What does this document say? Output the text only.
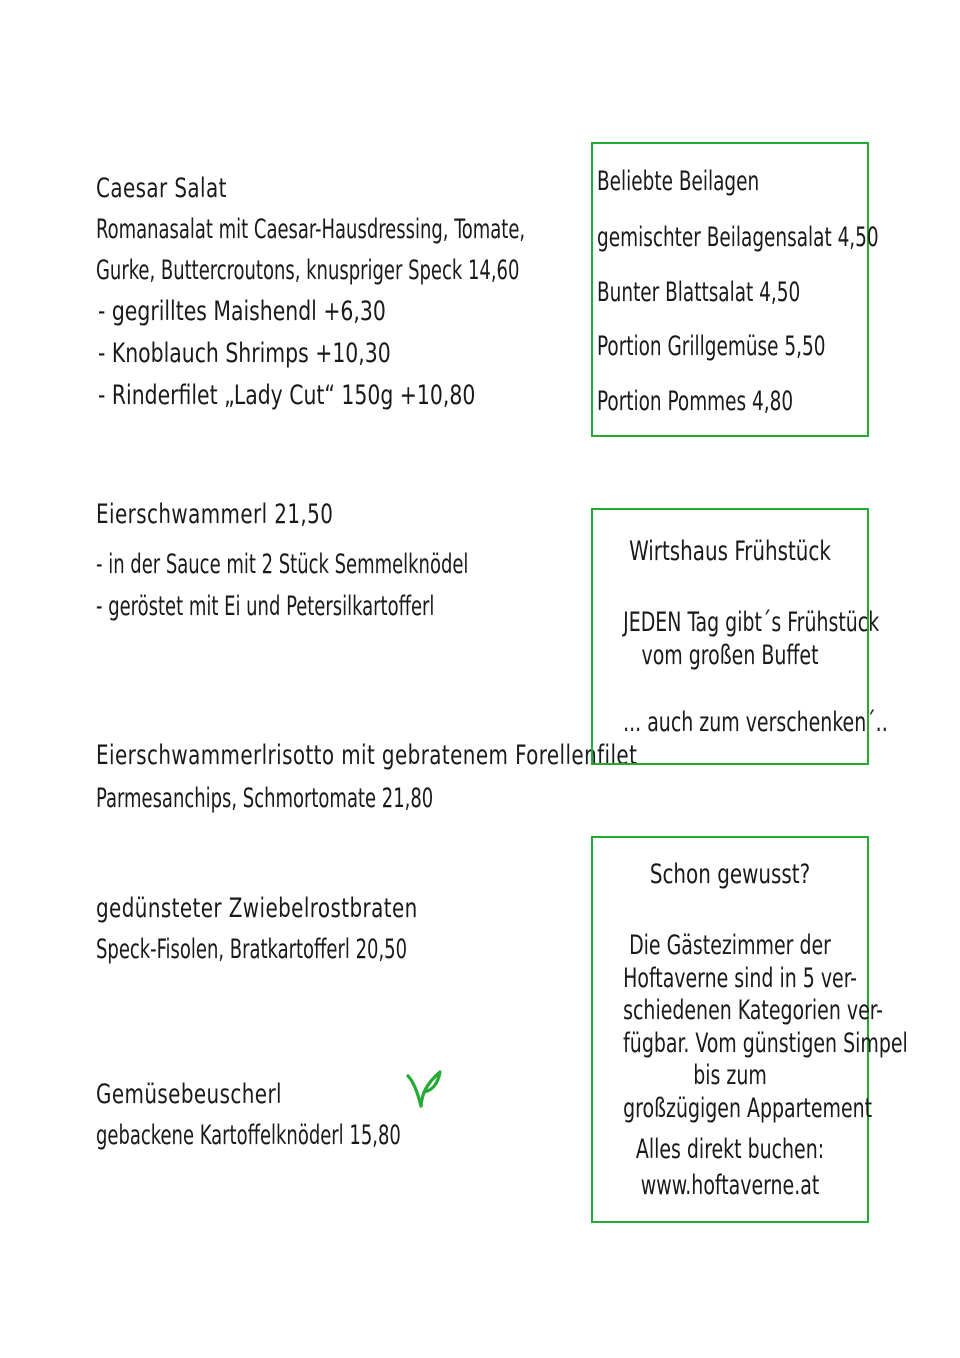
Caesar Salat
Romanasalat mit Caesar-Hausdressing, Tomate,
Gurke, Buttercroutons, knuspriger Speck 14,60
- gegrilltes Maishendl +6,30
- Knoblauch Shrimps +10,30
- Rinderfilet „Lady Cut“ 150g +10,80
Eierschwammerl 21,50
- in der Sauce mit 2 Stück Semmelknödel
- geröstet mit Ei und Petersilkartofferl
Eierschwammerlrisotto mit gebratenem Forellenfilet
Parmesanchips, Schmortomate 21,80
gedünsteter Zwiebelrostbraten
Speck-Fisolen, Bratkartofferl 20,50
Gemüsebeuscherl
gebackene Kartoffelknöderl 15,80
Beliebte Beilagen
gemischter Beilagensalat 4,50
Bunter Blattsalat 4,50
Portion Grillgemüse 5,50
Portion Pommes 4,80
Wirtshaus Frühstück
JEDEN Tag gibt´s Frühstück
vom großen Buffet
... auch zum verschenken´..
Schon gewusst?
Die Gästezimmer der
Hoftaverne sind in 5 ver-
schiedenen Kategorien ver-
fügbar. Vom günstigen Simpel
bis zum
großzügigen Appartement
Alles direkt buchen:
www.hoftaverne.at
